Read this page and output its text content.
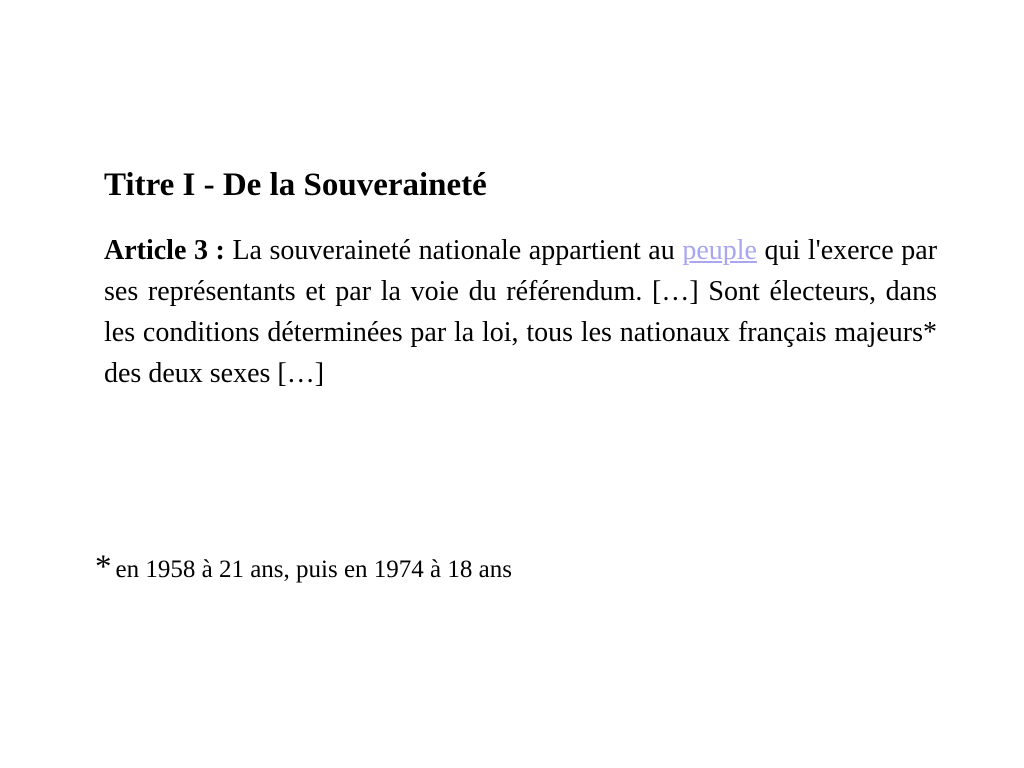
Titre I - De la Souveraineté

Article 3 : La souveraineté nationale appartient au peuple qui l'exerce par ses représentants et par la voie du référendum. […] Sont électeurs, dans les conditions déterminées par la loi, tous les nationaux français majeurs* des deux sexes […]

* en 1958 à 21 ans, puis en 1974 à 18 ans
